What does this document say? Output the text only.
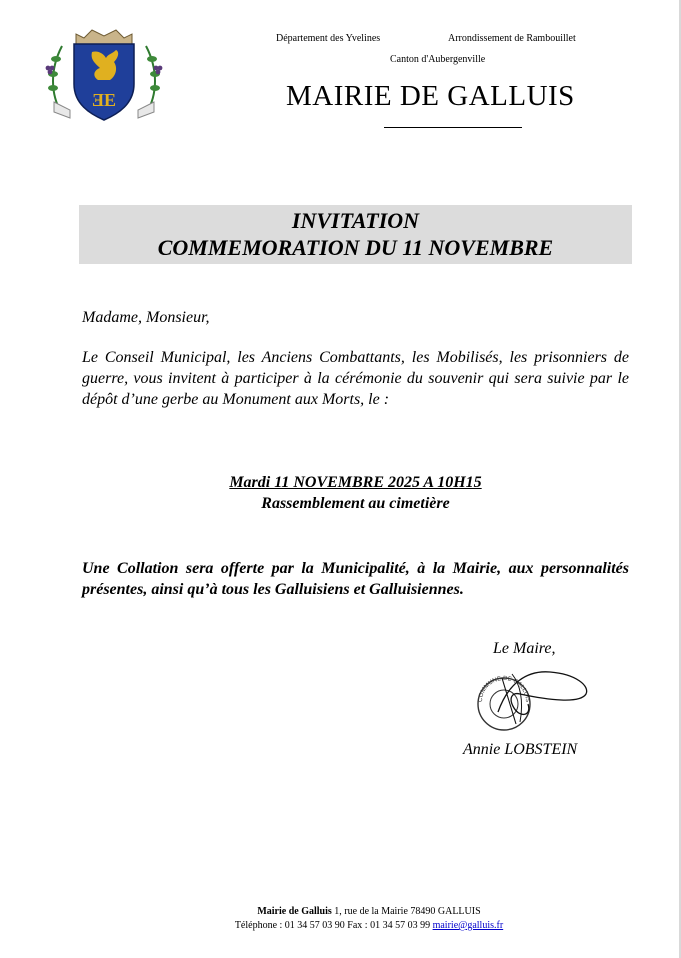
ƎE
Département des Yvelines	Arrondissement de Rambouillet
Canton d'Aubergenville
MAIRIE DE GALLUIS
INVITATION
COMMEMORATION DU 11 NOVEMBRE
Madame, Monsieur,
Le Conseil Municipal, les Anciens Combattants, les Mobilisés, les prisonniers de guerre, vous invitent à participer à la cérémonie du souvenir qui sera suivie par le dépôt d’une gerbe au Monument aux Morts, le :
Mardi 11 NOVEMBRE 2025 A 10H15
Rassemblement au cimetière
Une Collation sera offerte par la Municipalité, à la Mairie, aux personnalités présentes, ainsi qu’à tous les Galluisiens et Galluisiennes.
Le Maire,
COMMUNE DE GALLUIS
Annie LOBSTEIN
Mairie de Galluis 1, rue de la Mairie 78490 GALLUIS
Téléphone : 01 34 57 03 90 Fax : 01 34 57 03 99 mairie@galluis.fr
